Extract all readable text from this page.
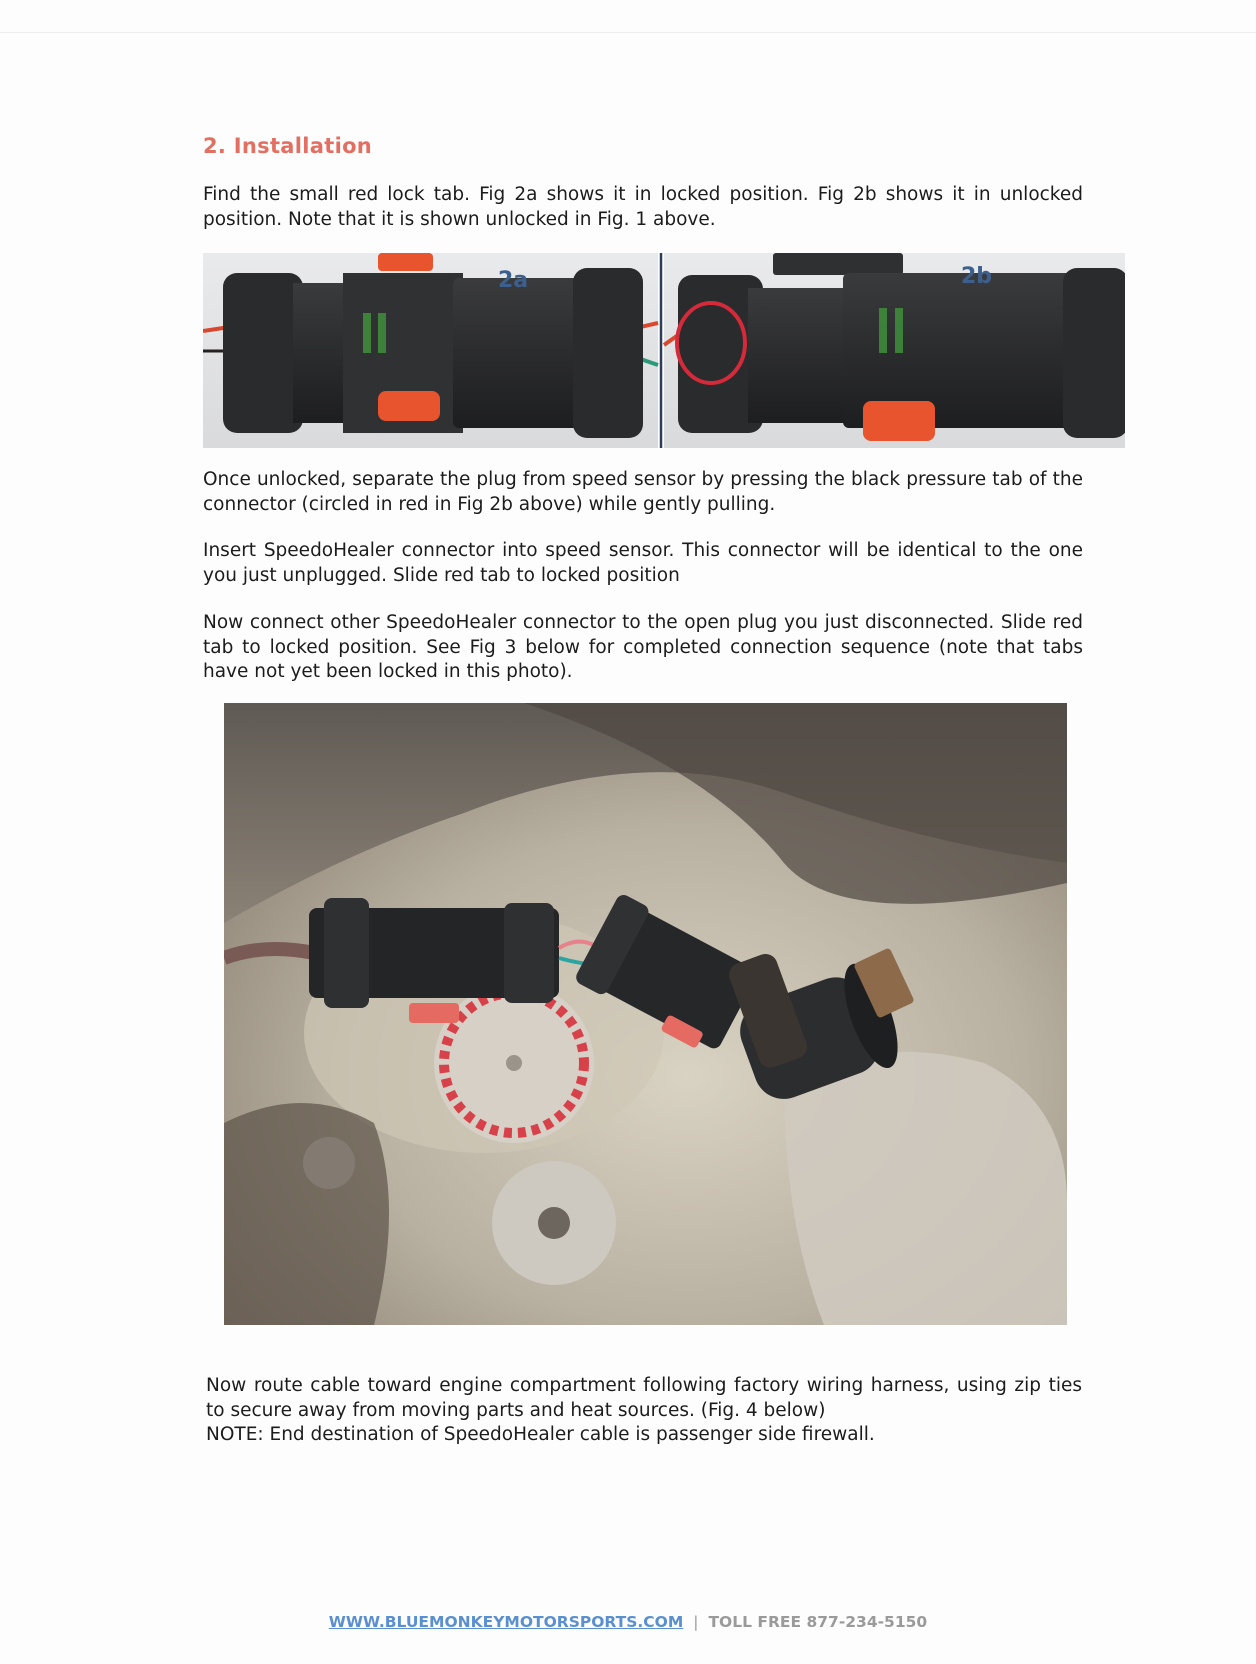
2. Installation
Find the small red lock tab. Fig 2a shows it in locked position. Fig 2b shows it in unlocked position. Note that it is shown unlocked in Fig. 1 above.
2a	2b
Once unlocked, separate the plug from speed sensor by pressing the black pressure tab of the connector (circled in red in Fig 2b above) while gently pulling.
Insert SpeedoHealer connector into speed sensor. This connector will be identical to the one you just unplugged. Slide red tab to locked position
Now connect other SpeedoHealer connector to the open plug you just disconnected. Slide red tab to locked position. See Fig 3 below for completed connection sequence (note that tabs have not yet been locked in this photo).
Now route cable toward engine compartment following factory wiring harness, using zip ties to secure away from moving parts and heat sources. (Fig. 4 below)
NOTE: End destination of SpeedoHealer cable is passenger side firewall.
WWW.BLUEMONKEYMOTORSPORTS.COM | TOLL FREE 877-234-5150
